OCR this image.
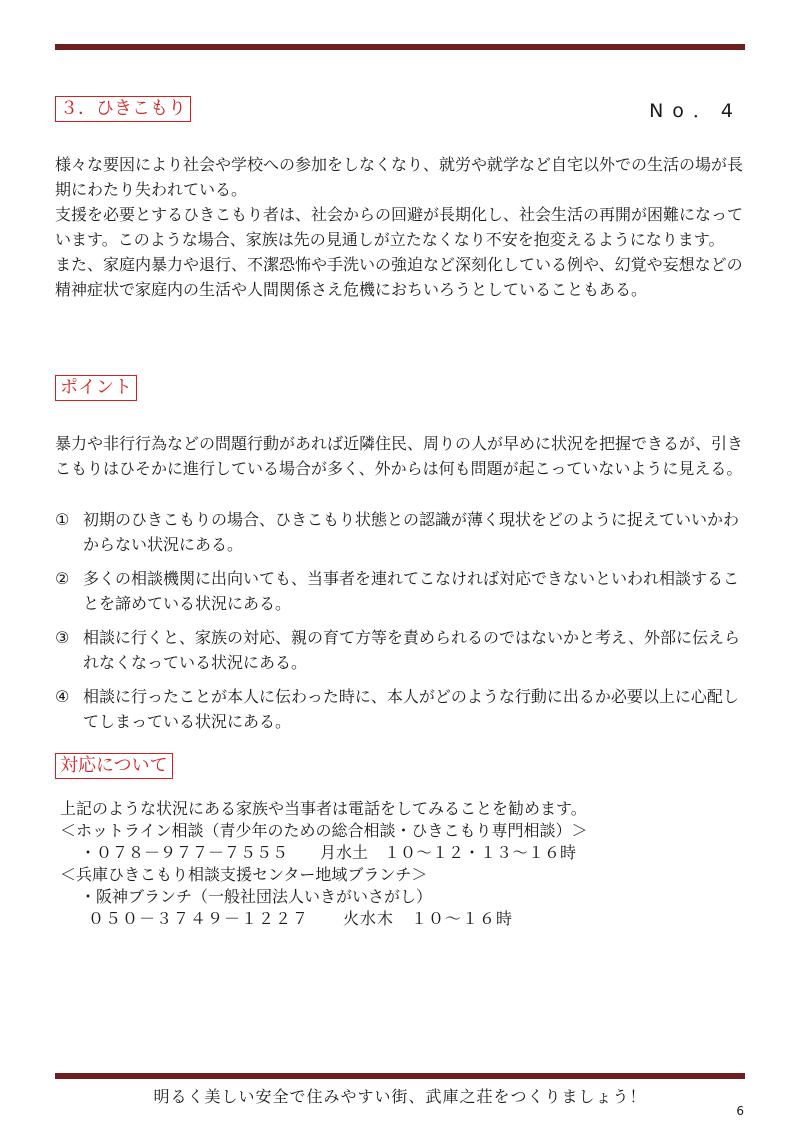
３．ひきこもり	No．4

様々な要因により社会や学校への参加をしなくなり、就労や就学など自宅以外での生活の場が長期にわたり失われている。

支援を必要とするひきこもり者は、社会からの回避が長期化し、社会生活の再開が困難になっています。このような場合、家族は先の見通しが立たなくなり不安を抱変えるようになります。

また、家庭内暴力や退行、不潔恐怖や手洗いの強迫など深刻化している例や、幻覚や妄想などの精神症状で家庭内の生活や人間関係さえ危機におちいろうとしていることもある。

ポイント

暴力や非行行為などの問題行動があれば近隣住民、周りの人が早めに状況を把握できるが、引きこもりはひそかに進行している場合が多く、外からは何も問題が起こっていないように見える。

① 初期のひきこもりの場合、ひきこもり状態との認識が薄く現状をどのように捉えていいかわからない状況にある。
② 多くの相談機関に出向いても、当事者を連れてこなければ対応できないといわれ相談することを諦めている状況にある。
③ 相談に行くと、家族の対応、親の育て方等を責められるのではないかと考え、外部に伝えられなくなっている状況にある。
④ 相談に行ったことが本人に伝わった時に、本人がどのような行動に出るか必要以上に心配してしまっている状況にある。
対応について
上記のような状況にある家族や当事者は電話をしてみることを勧めます。
＜ホットライン相談（青少年のための総合相談・ひきこもり専門相談）＞
・０７８－９７７－７５５５　　月水土　１０～１２・１３～１６時
＜兵庫ひきこもり相談支援センター地域ブランチ＞
・阪神ブランチ（一般社団法人いきがいさがし）
０５０－３７４９－１２２７　　火水木　１０～１６時
明るく美しい安全で住みやすい街、武庫之荘をつくりましょう！
6
